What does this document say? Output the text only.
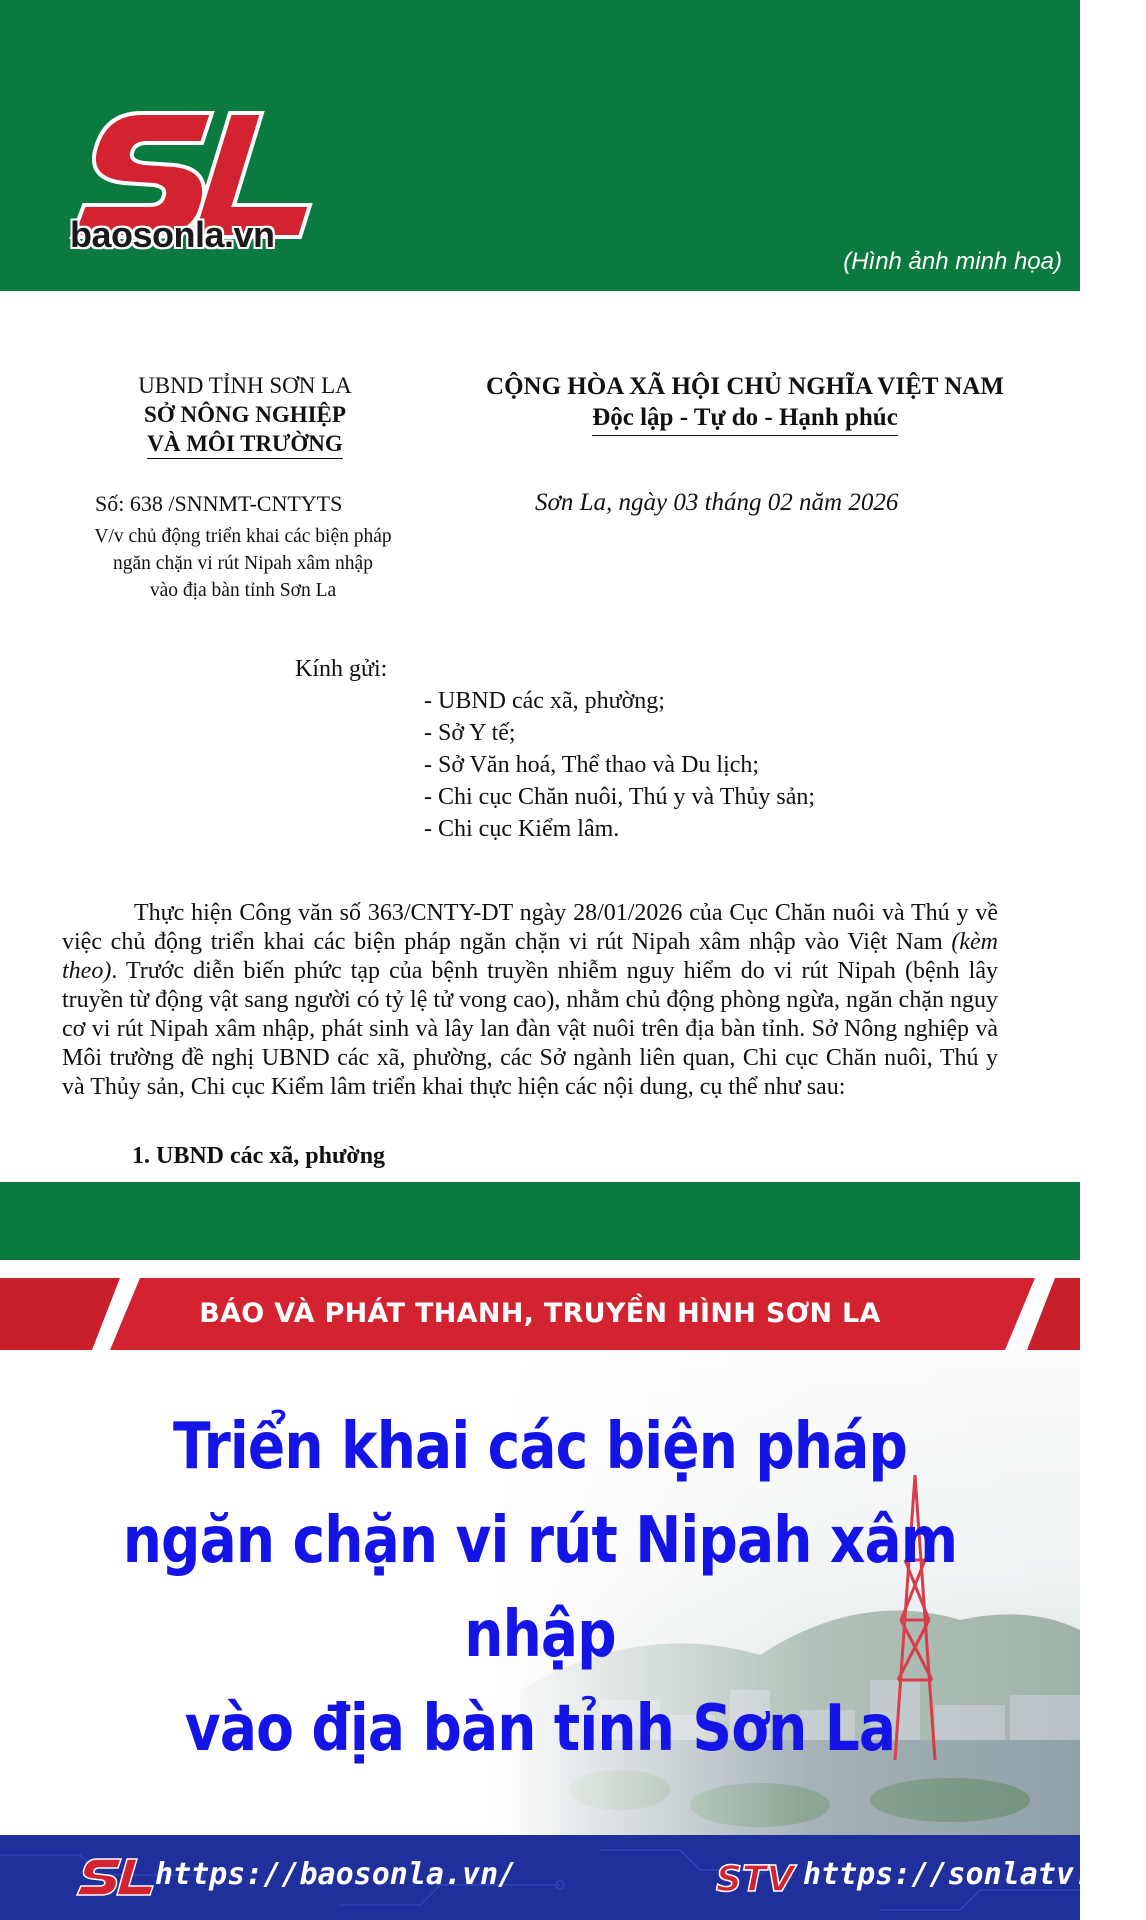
baosonla.vn
(Hình ảnh minh họa)
UBND TỈNH SƠN LA
SỞ NÔNG NGHIỆP
VÀ MÔI TRƯỜNG
CỘNG HÒA XÃ HỘI CHỦ NGHĨA VIỆT NAM
Độc lập - Tự do - Hạnh phúc
Số: 638 /SNNMT-CNTYTS
V/v chủ động triển khai các biện pháp
ngăn chặn vi rút Nipah xâm nhập
vào địa bàn tỉnh Sơn La
Sơn La, ngày 03 tháng 02 năm 2026
Kính gửi:
- UBND các xã, phường;
- Sở Y tế;
- Sở Văn hoá, Thể thao và Du lịch;
- Chi cục Chăn nuôi, Thú y và Thủy sản;
- Chi cục Kiểm lâm.

Thực hiện Công văn số 363/CNTY-DT ngày 28/01/2026 của Cục Chăn nuôi và Thú y về việc chủ động triển khai các biện pháp ngăn chặn vi rút Nipah xâm nhập vào Việt Nam (kèm theo). Trước diễn biến phức tạp của bệnh truyền nhiễm nguy hiểm do vi rút Nipah (bệnh lây truyền từ động vật sang người có tỷ lệ tử vong cao), nhằm chủ động phòng ngừa, ngăn chặn nguy cơ vi rút Nipah xâm nhập, phát sinh và lây lan đàn vật nuôi trên địa bàn tỉnh. Sở Nông nghiệp và Môi trường đề nghị UBND các xã, phường, các Sở ngành liên quan, Chi cục Chăn nuôi, Thú y và Thủy sản, Chi cục Kiểm lâm triển khai thực hiện các nội dung, cụ thể như sau:

1. UBND các xã, phường
BÁO VÀ PHÁT THANH, TRUYỀN HÌNH SƠN LA
Triển khai các biện pháp
ngăn chặn vi rút Nipah xâm nhập
vào địa bàn tỉnh Sơn La
https://baosonla.vn/	STV https://sonlatv.vn/
